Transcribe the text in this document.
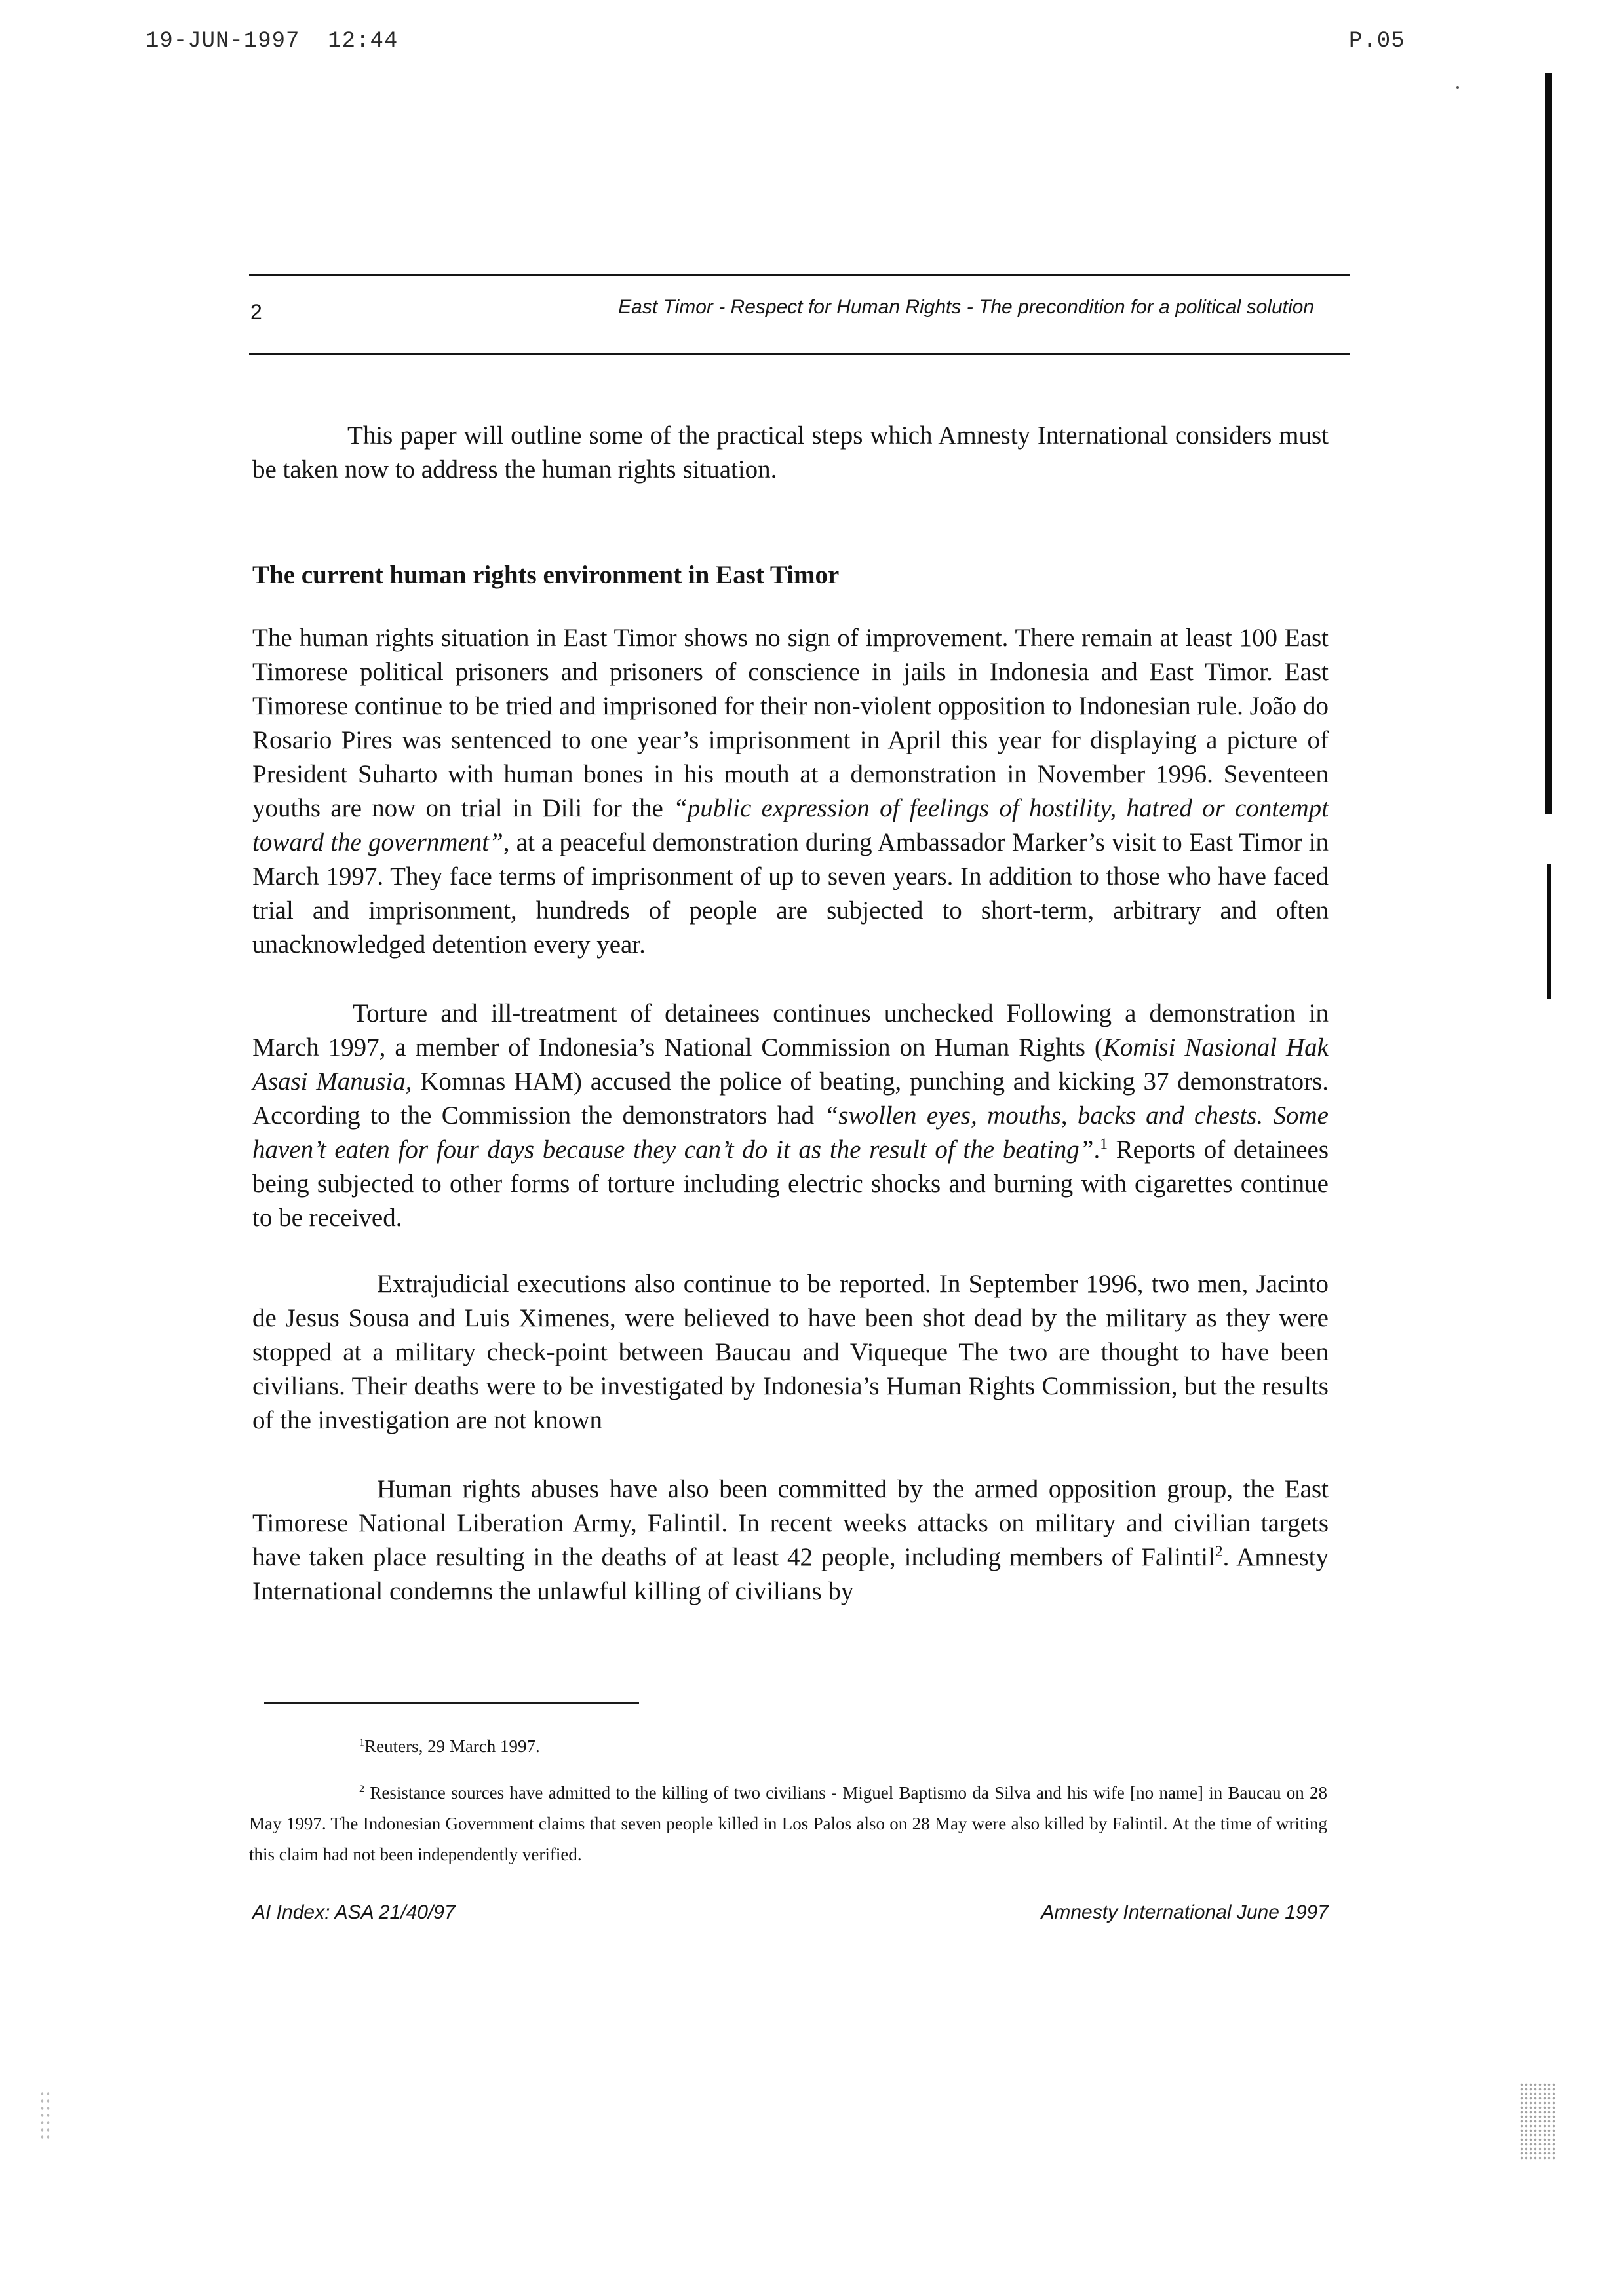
19-JUN-1997  12:44	P.05
2	East Timor - Respect for Human Rights - The precondition for a political solution

This paper will outline some of the practical steps which Amnesty International considers must be taken now to address the human rights situation.

The current human rights environment in East Timor

The human rights situation in East Timor shows no sign of improvement. There remain at least 100 East Timorese political prisoners and prisoners of conscience in jails in Indonesia and East Timor. East Timorese continue to be tried and imprisoned for their non-violent opposition to Indonesian rule. João do Rosario Pires was sentenced to one year’s imprisonment in April this year for displaying a picture of President Suharto with human bones in his mouth at a demonstration in November 1996. Seventeen youths are now on trial in Dili for the “public expression of feelings of hostility, hatred or contempt toward the government”, at a peaceful demonstration during Ambassador Marker’s visit to East Timor in March 1997. They face terms of imprisonment of up to seven years. In addition to those who have faced trial and imprisonment, hundreds of people are subjected to short-term, arbitrary and often unacknowledged detention every year.

Torture and ill-treatment of detainees continues unchecked Following a demonstration in March 1997, a member of Indonesia’s National Commission on Human Rights (Komisi Nasional Hak Asasi Manusia, Komnas HAM) accused the police of beating, punching and kicking 37 demonstrators. According to the Commission the demonstrators had “swollen eyes, mouths, backs and chests. Some haven’t eaten for four days because they can’t do it as the result of the beating”.$^1$ Reports of detainees being subjected to other forms of torture including electric shocks and burning with cigarettes continue to be received.

Extrajudicial executions also continue to be reported. In September 1996, two men, Jacinto de Jesus Sousa and Luis Ximenes, were believed to have been shot dead by the military as they were stopped at a military check-point between Baucau and Viqueque The two are thought to have been civilians. Their deaths were to be investigated by Indonesia’s Human Rights Commission, but the results of the investigation are not known

Human rights abuses have also been committed by the armed opposition group, the East Timorese National Liberation Army, Falintil. In recent weeks attacks on military and civilian targets have taken place resulting in the deaths of at least 42 people, including members of Falintil$^2$. Amnesty International condemns the unlawful killing of civilians by

$^1$Reuters, 29 March 1997.

$^2$ Resistance sources have admitted to the killing of two civilians - Miguel Baptismo da Silva and his wife [no name] in Baucau on 28 May 1997. The Indonesian Government claims that seven people killed in Los Palos also on 28 May were also killed by Falintil. At the time of writing this claim had not been independently verified.

AI Index: ASA 21/40/97	Amnesty International June 1997
